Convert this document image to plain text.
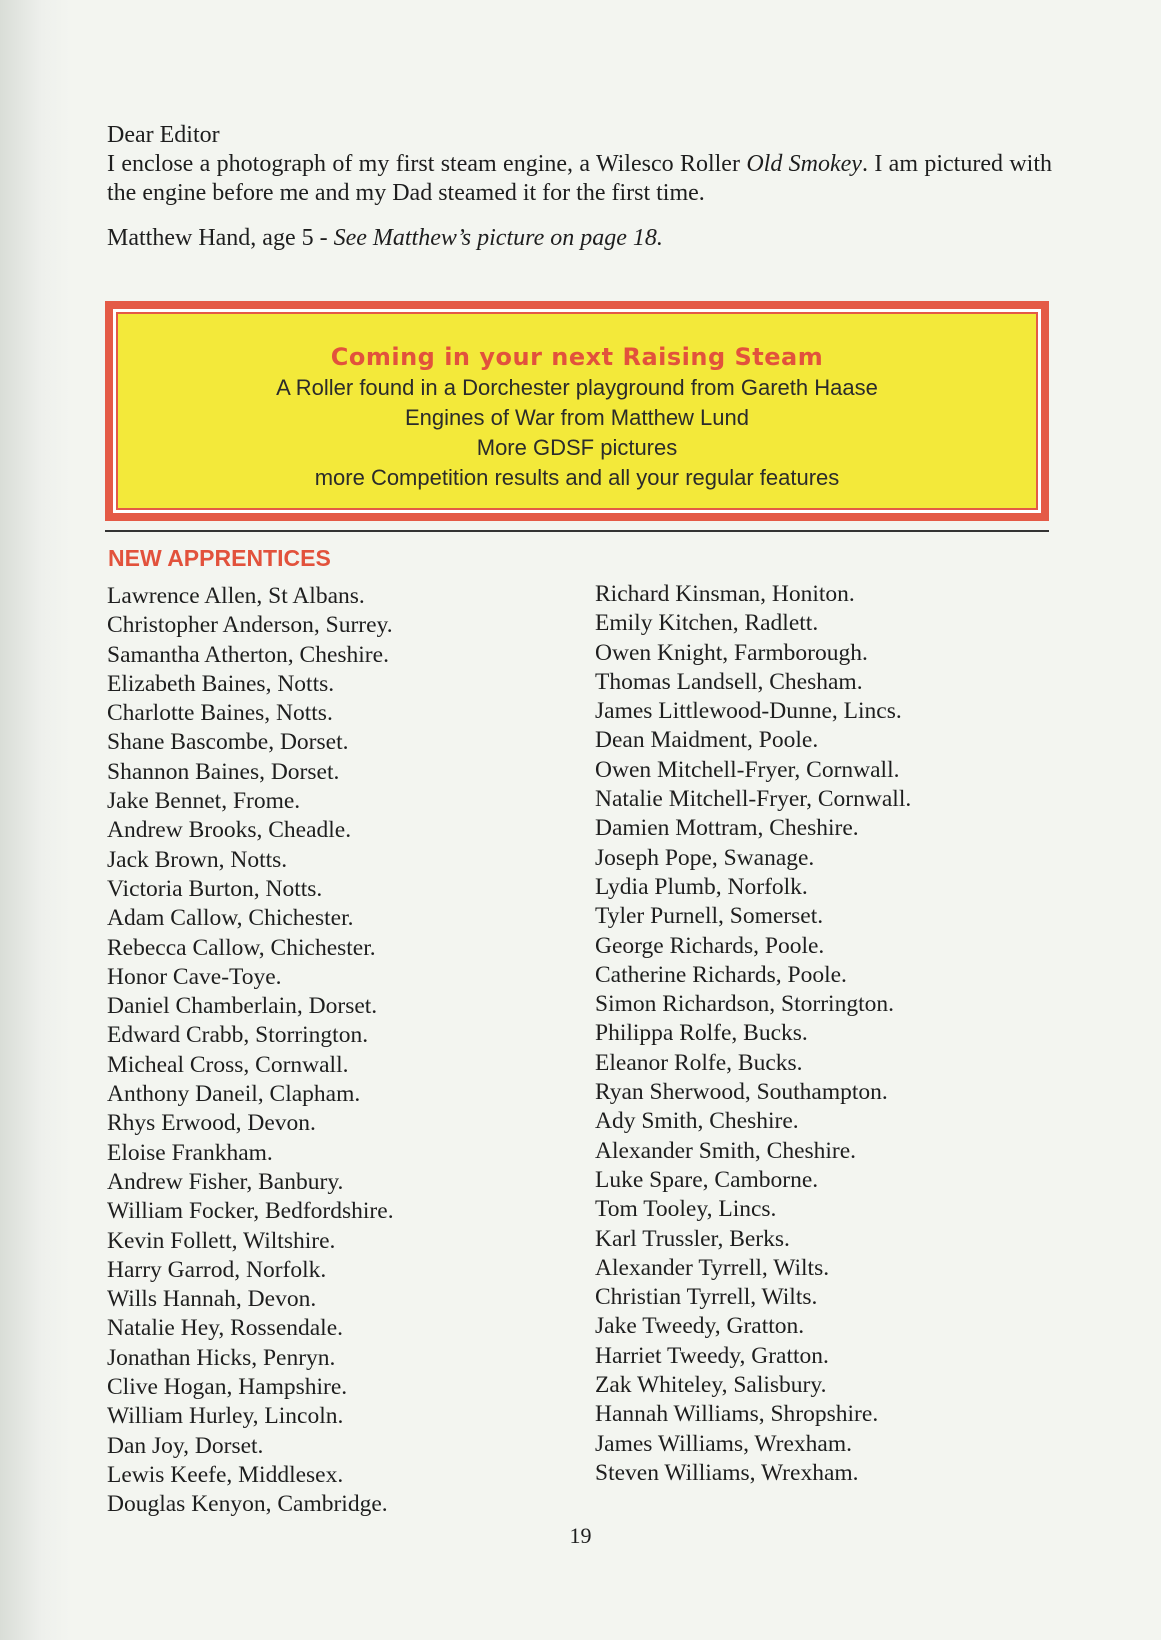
Dear Editor

I enclose a photograph of my first steam engine, a Wilesco Roller Old Smokey. I am pictured with the engine before me and my Dad steamed it for the first time.

Matthew Hand, age 5 - See Matthew’s picture on page 18.

Coming in your next Raising Steam
A Roller found in a Dorchester playground from Gareth Haase
Engines of War from Matthew Lund
More GDSF pictures
more Competition results and all your regular features
NEW APPRENTICES
Lawrence Allen, St Albans.
Christopher Anderson, Surrey.
Samantha Atherton, Cheshire.
Elizabeth Baines, Notts.
Charlotte Baines, Notts.
Shane Bascombe, Dorset.
Shannon Baines, Dorset.
Jake Bennet, Frome.
Andrew Brooks, Cheadle.
Jack Brown, Notts.
Victoria Burton, Notts.
Adam Callow, Chichester.
Rebecca Callow, Chichester.
Honor Cave-Toye.
Daniel Chamberlain, Dorset.
Edward Crabb, Storrington.
Micheal Cross, Cornwall.
Anthony Daneil, Clapham.
Rhys Erwood, Devon.
Eloise Frankham.
Andrew Fisher, Banbury.
William Focker, Bedfordshire.
Kevin Follett, Wiltshire.
Harry Garrod, Norfolk.
Wills Hannah, Devon.
Natalie Hey, Rossendale.
Jonathan Hicks, Penryn.
Clive Hogan, Hampshire.
William Hurley, Lincoln.
Dan Joy, Dorset.
Lewis Keefe, Middlesex.
Douglas Kenyon, Cambridge.
Richard Kinsman, Honiton.
Emily Kitchen, Radlett.
Owen Knight, Farmborough.
Thomas Landsell, Chesham.
James Littlewood-Dunne, Lincs.
Dean Maidment, Poole.
Owen Mitchell-Fryer, Cornwall.
Natalie Mitchell-Fryer, Cornwall.
Damien Mottram, Cheshire.
Joseph Pope, Swanage.
Lydia Plumb, Norfolk.
Tyler Purnell, Somerset.
George Richards, Poole.
Catherine Richards, Poole.
Simon Richardson, Storrington.
Philippa Rolfe, Bucks.
Eleanor Rolfe, Bucks.
Ryan Sherwood, Southampton.
Ady Smith, Cheshire.
Alexander Smith, Cheshire.
Luke Spare, Camborne.
Tom Tooley, Lincs.
Karl Trussler, Berks.
Alexander Tyrrell, Wilts.
Christian Tyrrell, Wilts.
Jake Tweedy, Gratton.
Harriet Tweedy, Gratton.
Zak Whiteley, Salisbury.
Hannah Williams, Shropshire.
James Williams, Wrexham.
Steven Williams, Wrexham.
19
